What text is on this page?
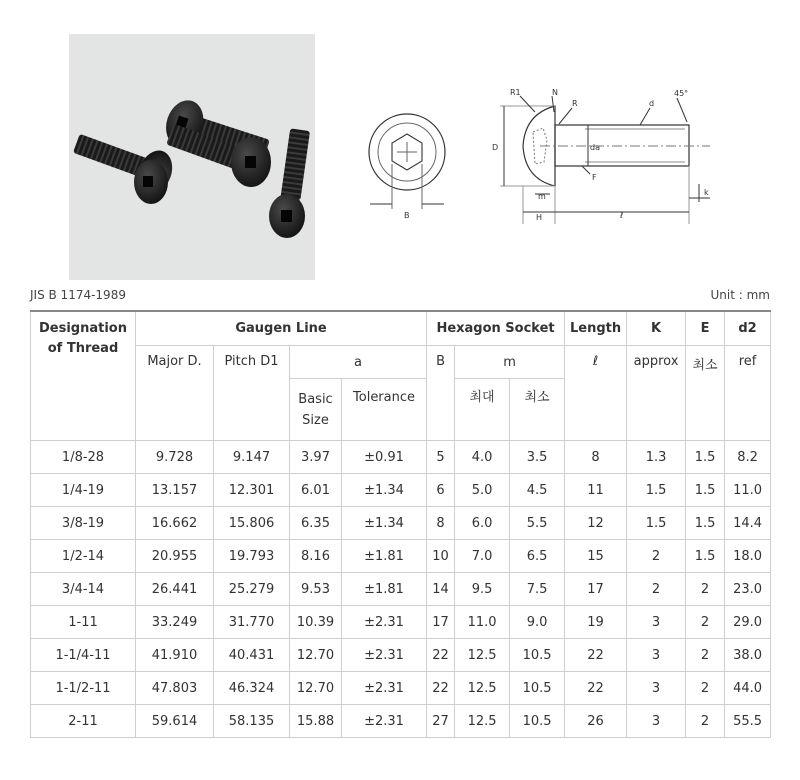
R1	N
R	d
45°
D	da
m
F
H
k
ℓ
B
JIS B 1174-1989	Unit : mm
Designation
of Thread	Gaugen Line				Hexagon Socket			Length	K	E	d2
	Major D.	Pitch D1	a		B	m		ℓ	approx	최소	ref

			Basic
Size	Tolerance		최대	최소				
1/8-28	9.728	9.147	3.97	±0.91	5	4.0	3.5	8	1.3	1.5	8.2
1/4-19	13.157	12.301	6.01	±1.34	6	5.0	4.5	11	1.5	1.5	11.0
3/8-19	16.662	15.806	6.35	±1.34	8	6.0	5.5	12	1.5	1.5	14.4
1/2-14	20.955	19.793	8.16	±1.81	10	7.0	6.5	15	2	1.5	18.0
3/4-14	26.441	25.279	9.53	±1.81	14	9.5	7.5	17	2	2	23.0
1-11	33.249	31.770	10.39	±2.31	17	11.0	9.0	19	3	2	29.0
1-1/4-11	41.910	40.431	12.70	±2.31	22	12.5	10.5	22	3	2	38.0
1-1/2-11	47.803	46.324	12.70	±2.31	22	12.5	10.5	22	3	2	44.0
2-11	59.614	58.135	15.88	±2.31	27	12.5	10.5	26	3	2	55.5
